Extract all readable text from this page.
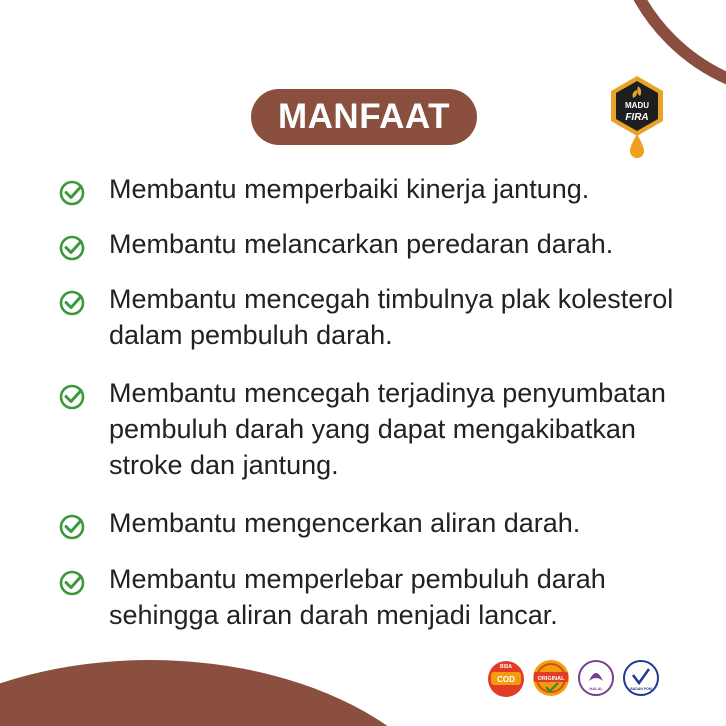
MANFAAT	MADU
FIRA
Membantu memperbaiki kinerja jantung.
Membantu melancarkan peredaran darah.
Membantu mencegah timbulnya plak kolesterol dalam pembuluh darah.
Membantu mencegah terjadinya penyumbatan pembuluh darah yang dapat mengakibatkan stroke dan jantung.
Membantu mengencerkan aliran darah.
Membantu memperlebar pembuluh darah sehingga aliran darah menjadi lancar.
BISA
COD	ORIGINAL
HALAL	BADAN POM
